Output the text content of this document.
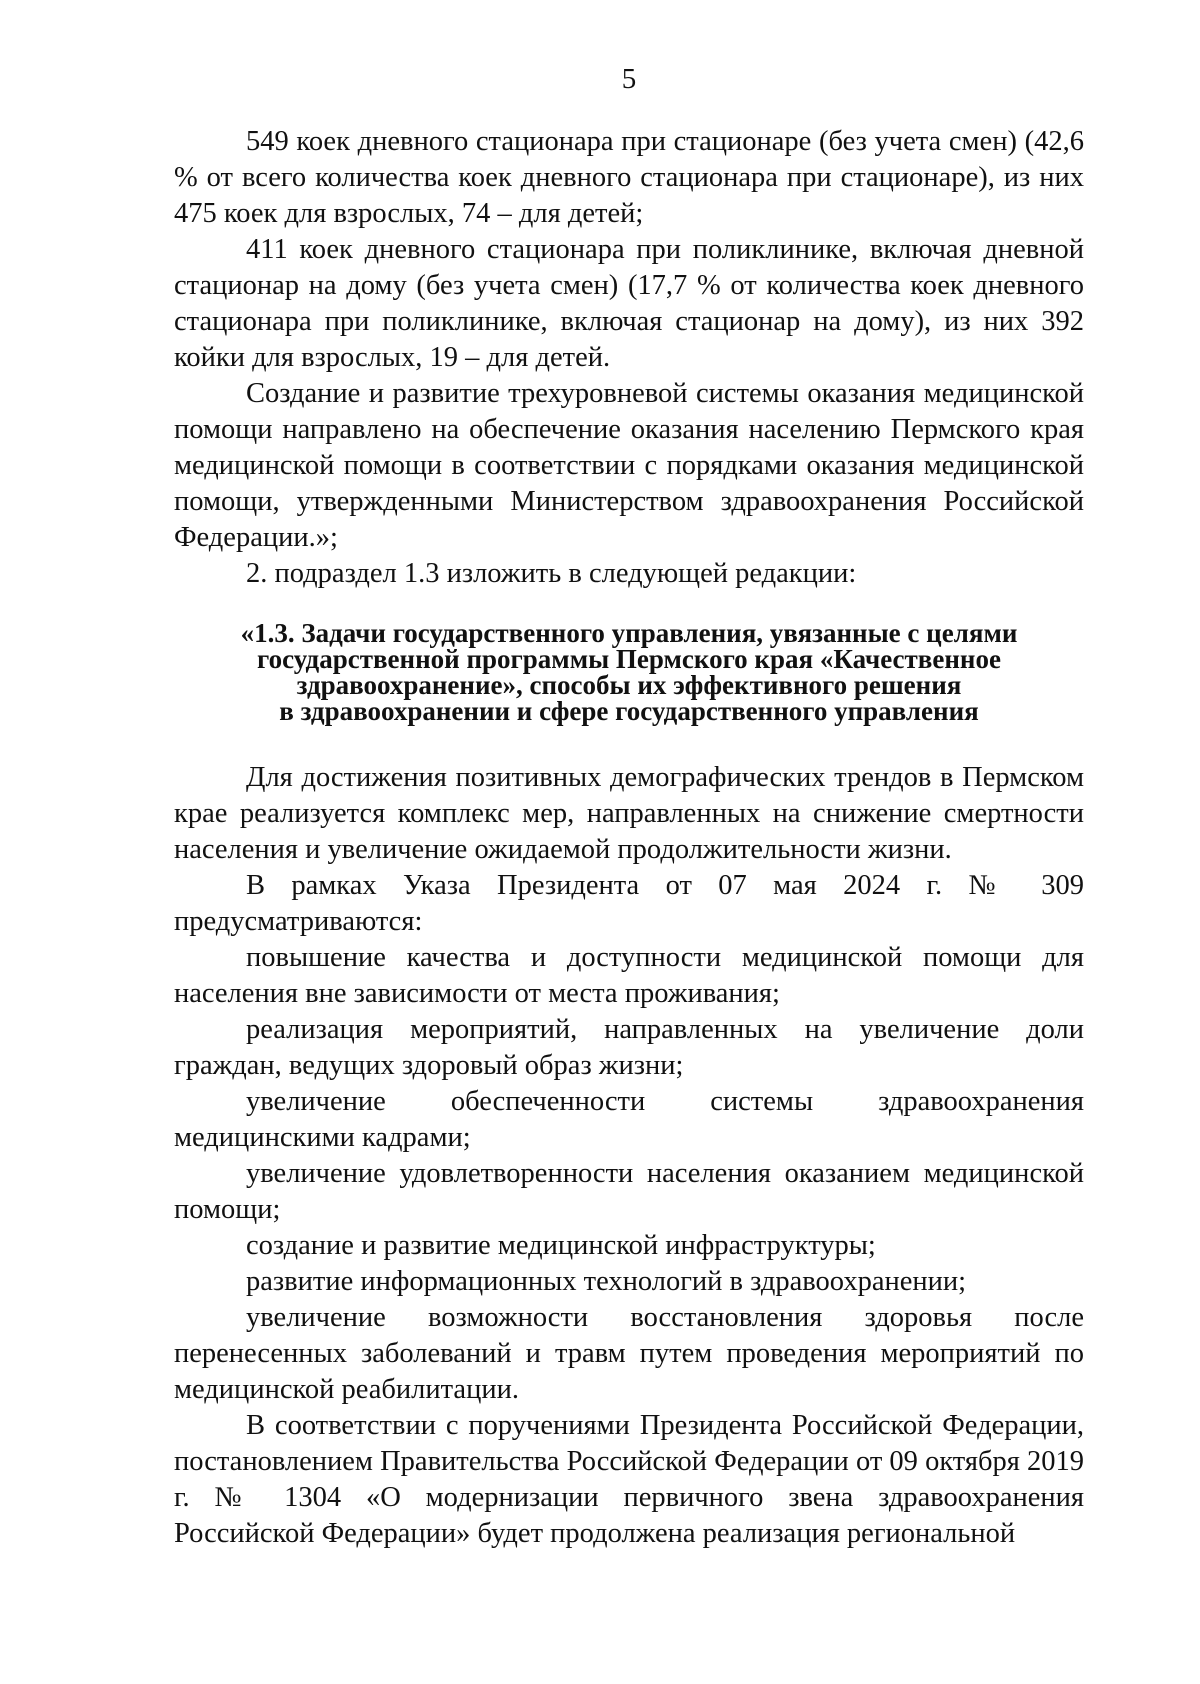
5

549 коек дневного стационара при стационаре (без учета смен) (42,6 % от всего количества коек дневного стационара при стационаре), из них 475 коек для взрослых, 74 – для детей;

411 коек дневного стационара при поликлинике, включая дневной стационар на дому (без учета смен) (17,7 % от количества коек дневного стационара при поликлинике, включая стационар на дому), из них 392 койки для взрослых, 19 – для детей.

Создание и развитие трехуровневой системы оказания медицинской помощи направлено на обеспечение оказания населению Пермского края медицинской помощи в соответствии с порядками оказания медицинской помощи, утвержденными Министерством здравоохранения Российской Федерации.»;

2. подраздел 1.3 изложить в следующей редакции:

«1.3. Задачи государственного управления, увязанные с целями
государственной программы Пермского края «Качественное
здравоохранение», способы их эффективного решения
в здравоохранении и сфере государственного управления

Для достижения позитивных демографических трендов в Пермском крае реализуется комплекс мер, направленных на снижение смертности населения и увеличение ожидаемой продолжительности жизни.

В рамках Указа Президента от 07 мая 2024 г. № 309 предусматриваются:

повышение качества и доступности медицинской помощи для населения вне зависимости от места проживания;

реализация мероприятий, направленных на увеличение доли граждан, ведущих здоровый образ жизни;

увеличение обеспеченности системы здравоохранения медицинскими кадрами;

увеличение удовлетворенности населения оказанием медицинской помощи;

создание и развитие медицинской инфраструктуры;

развитие информационных технологий в здравоохранении;

увеличение возможности восстановления здоровья после перенесенных заболеваний и травм путем проведения мероприятий по медицинской реабилитации.

В соответствии с поручениями Президента Российской Федерации, постановлением Правительства Российской Федерации от 09 октября 2019 г. № 1304 «О модернизации первичного звена здравоохранения Российской Федерации» будет продолжена реализация региональной
